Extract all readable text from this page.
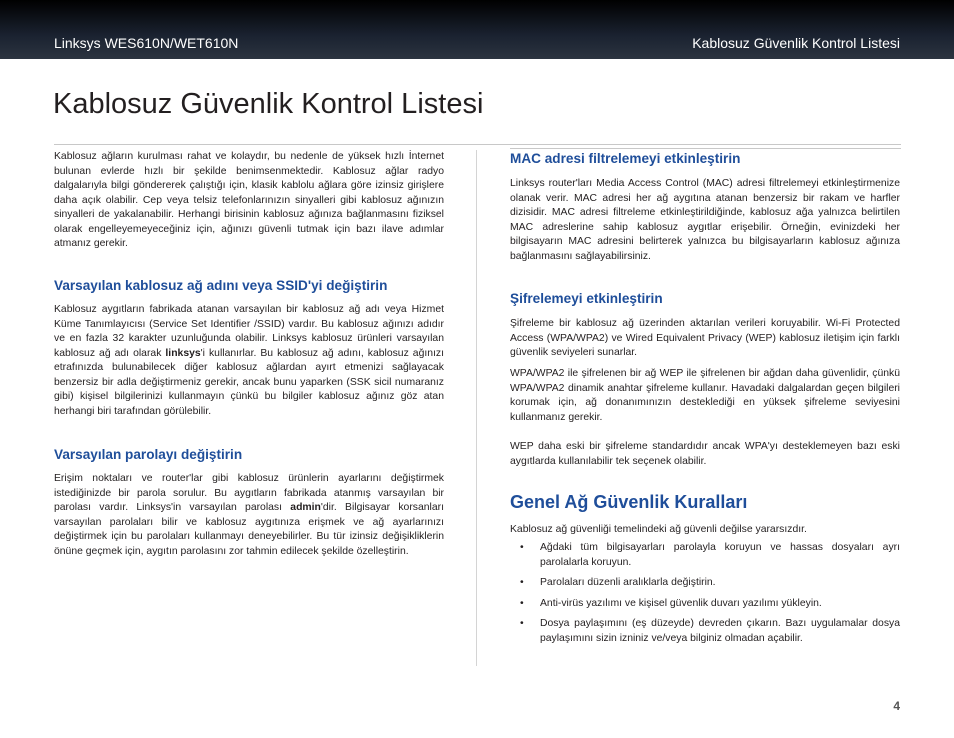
Linksys WES610N/WET610N	Kablosuz Güvenlik Kontrol Listesi
Kablosuz Güvenlik Kontrol Listesi

Kablosuz ağların kurulması rahat ve kolaydır, bu nedenle de yüksek hızlı İnternet bulunan evlerde hızlı bir şekilde benimsenmektedir. Kablosuz ağlar radyo dalgalarıyla bilgi göndererek çalıştığı için, klasik kablolu ağlara göre izinsiz girişlere daha açık olabilir. Cep veya telsiz telefonlarınızın sinyalleri gibi kablosuz ağınızın sinyalleri de yakalanabilir. Herhangi birisinin kablosuz ağınıza bağlanmasını fiziksel olarak engelleyemeyeceğiniz için, ağınızı güvenli tutmak için bazı ilave adımlar atmanız gerekir.

Varsayılan kablosuz ağ adını veya SSID'yi değiştirin

Kablosuz aygıtların fabrikada atanan varsayılan bir kablosuz ağ adı veya Hizmet Küme Tanımlayıcısı (Service Set Identifier /SSID) vardır. Bu kablosuz ağınızı adıdır ve en fazla 32 karakter uzunluğunda olabilir. Linksys kablosuz ürünleri varsayılan kablosuz ağ adı olarak linksys'i kullanırlar. Bu kablosuz ağ adını, kablosuz ağınızı etrafınızda bulunabilecek diğer kablosuz ağlardan ayırt etmenizi sağlayacak benzersiz bir adla değiştirmeniz gerekir, ancak bunu yaparken (SSK sicil numaranız gibi) kişisel bilgilerinizi kullanmayın çünkü bu bilgiler kablosuz ağınız göz atan herhangi biri tarafından görülebilir.

Varsayılan parolayı değiştirin

Erişim noktaları ve router'lar gibi kablosuz ürünlerin ayarlarını değiştirmek istediğinizde bir parola sorulur. Bu aygıtların fabrikada atanmış varsayılan bir parolası vardır. Linksys'in varsayılan parolası admin'dir. Bilgisayar korsanları varsayılan parolaları bilir ve kablosuz aygıtınıza erişmek ve ağ ayarlarınızı değiştirmek için bu parolaları kullanmayı deneyebilirler. Bu tür izinsiz değişikliklerin önüne geçmek için, aygıtın parolasını zor tahmin edilecek şekilde özelleştirin.

MAC adresi filtrelemeyi etkinleştirin

Linksys router'ları Media Access Control (MAC) adresi filtrelemeyi etkinleştirmenize olanak verir. MAC adresi her ağ aygıtına atanan benzersiz bir rakam ve harfler dizisidir. MAC adresi filtreleme etkinleştirildiğinde, kablosuz ağa yalnızca belirtilen MAC adreslerine sahip kablosuz aygıtlar erişebilir. Örneğin, evinizdeki her bilgisayarın MAC adresini belirterek yalnızca bu bilgisayarların kablosuz ağınıza bağlanmasını sağlayabilirsiniz.

Şifrelemeyi etkinleştirin

Şifreleme bir kablosuz ağ üzerinden aktarılan verileri koruyabilir. Wi-Fi Protected Access (WPA/WPA2) ve Wired Equivalent Privacy (WEP) kablosuz iletişim için farklı güvenlik seviyeleri sunarlar.

WPA/WPA2 ile şifrelenen bir ağ WEP ile şifrelenen bir ağdan daha güvenlidir, çünkü WPA/WPA2 dinamik anahtar şifreleme kullanır. Havadaki dalgalardan geçen bilgileri korumak için, ağ donanımınızın desteklediği en yüksek şifreleme seviyesini kullanmanız gerekir.

WEP daha eski bir şifreleme standardıdır ancak WPA'yı desteklemeyen bazı eski aygıtlarda kullanılabilir tek seçenek olabilir.

Genel Ağ Güvenlik Kuralları

Kablosuz ağ güvenliği temelindeki ağ güvenli değilse yararsızdır.

• Ağdaki tüm bilgisayarları parolayla koruyun ve hassas dosyaları ayrı parolalarla koruyun.
• Parolaları düzenli aralıklarla değiştirin.
• Anti-virüs yazılımı ve kişisel güvenlik duvarı yazılımı yükleyin.
• Dosya paylaşımını (eş düzeyde) devreden çıkarın. Bazı uygulamalar dosya paylaşımını sizin izniniz ve/veya bilginiz olmadan açabilir.
4
